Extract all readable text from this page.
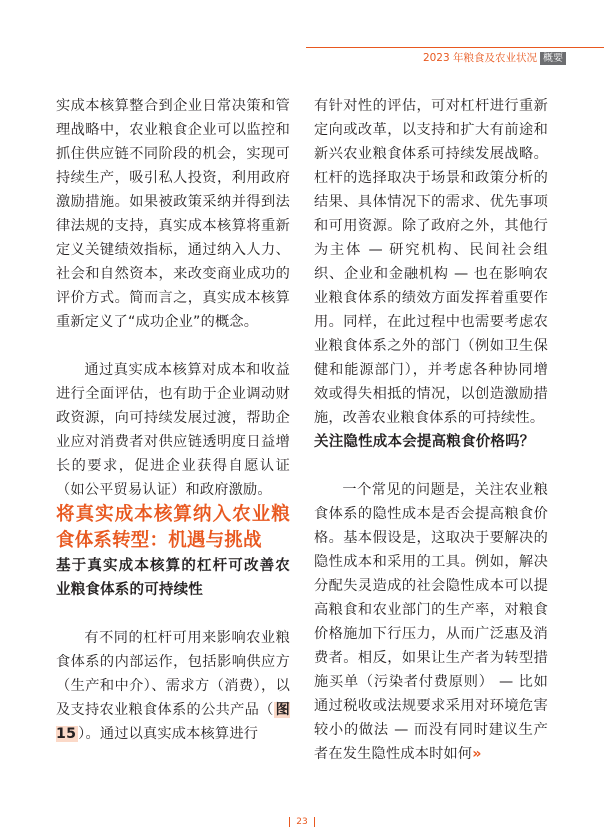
2023 年粮食及农业状况 概要

实成本核算整合到企业日常决策和管理战略中，农业粮食企业可以监控和抓住供应链不同阶段的机会，实现可持续生产，吸引私人投资，利用政府激励措施。如果被政策采纳并得到法律法规的支持，真实成本核算将重新定义关键绩效指标，通过纳入人力、社会和自然资本，来改变商业成功的评价方式。简而言之，真实成本核算重新定义了“成功企业”的概念。

通过真实成本核算对成本和收益进行全面评估，也有助于企业调动财政资源，向可持续发展过渡，帮助企业应对消费者对供应链透明度日益增长的要求，促进企业获得自愿认证（如公平贸易认证）和政府激励。

将真实成本核算纳入农业粮食体系转型：机遇与挑战

基于真实成本核算的杠杆可改善农业粮食体系的可持续性

有不同的杠杆可用来影响农业粮食体系的内部运作，包括影响供应方（生产和中介）、需求方（消费），以及支持农业粮食体系的公共产品（ 图15 ）。通过以真实成本核算进行

有针对性的评估，可对杠杆进行重新定向或改革，以支持和扩大有前途和新兴农业粮食体系可持续发展战略。杠杆的选择取决于场景和政策分析的结果、具体情况下的需求、优先事项和可用资源。除了政府之外，其他行为主体 — 研究机构、民间社会组织、企业和金融机构 — 也在影响农业粮食体系的绩效方面发挥着重要作用。同样，在此过程中也需要考虑农业粮食体系之外的部门（例如卫生保健和能源部门），并考虑各种协同增效或得失相抵的情况，以创造激励措施，改善农业粮食体系的可持续性。

关注隐性成本会提高粮食价格吗？

一个常见的问题是，关注农业粮食体系的隐性成本是否会提高粮食价格。基本假设是，这取决于要解决的隐性成本和采用的工具。例如，解决分配失灵造成的社会隐性成本可以提高粮食和农业部门的生产率，对粮食价格施加下行压力，从而广泛惠及消费者。相反，如果让生产者为转型措施买单（污染者付费原则） — 比如通过税收或法规要求采用对环境危害较小的做法 — 而没有同时建议生产者在发生隐性成本时如何»

23
